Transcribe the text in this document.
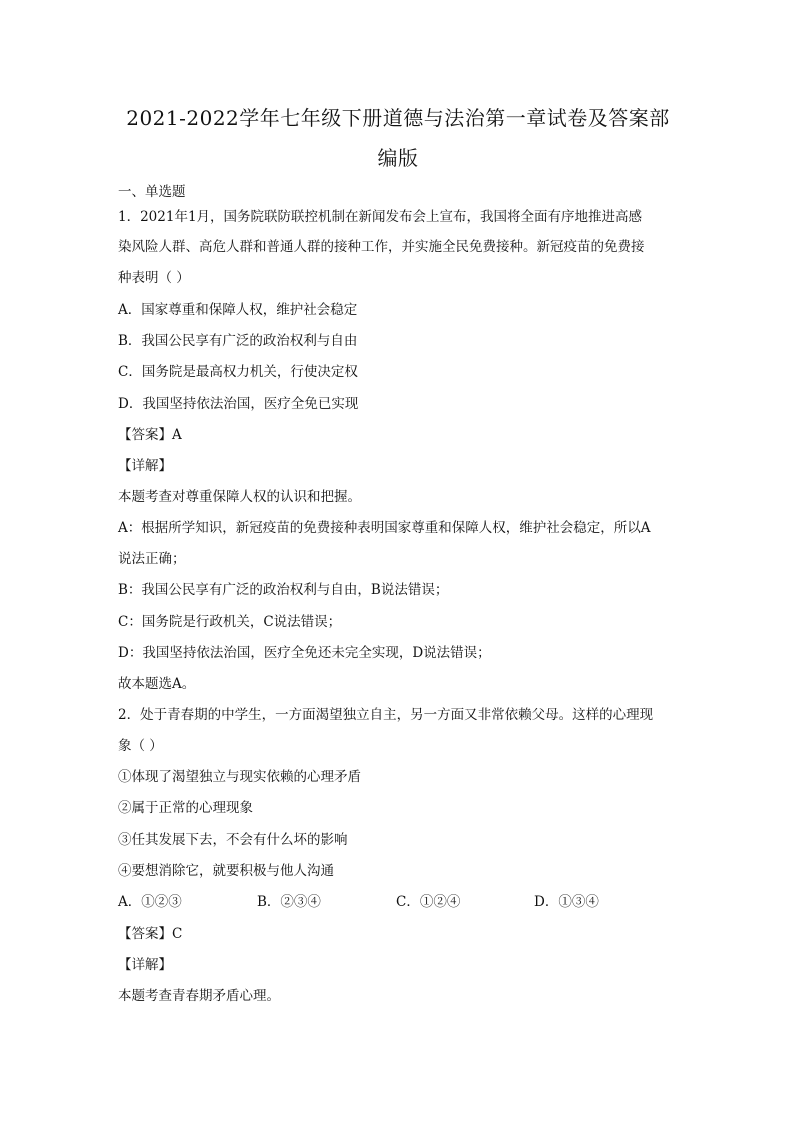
2021-2022学年七年级下册道德与法治第一章试卷及答案部
编版
一、单选题
1．2021年1月，国务院联防联控机制在新闻发布会上宣布，我国将全面有序地推进高感
染风险人群、高危人群和普通人群的接种工作，并实施全民免费接种。新冠疫苗的免费接
种表明（ ）
A．国家尊重和保障人权，维护社会稳定
B．我国公民享有广泛的政治权利与自由
C．国务院是最高权力机关，行使决定权
D．我国坚持依法治国，医疗全免已实现
【答案】A
【详解】
本题考查对尊重保障人权的认识和把握。
A：根据所学知识，新冠疫苗的免费接种表明国家尊重和保障人权，维护社会稳定，所以A
说法正确；
B：我国公民享有广泛的政治权利与自由，B说法错误；
C：国务院是行政机关，C说法错误；
D：我国坚持依法治国，医疗全免还未完全实现，D说法错误；
故本题选A。
2．处于青春期的中学生，一方面渴望独立自主，另一方面又非常依赖父母。这样的心理现
象（ ）
①体现了渴望独立与现实依赖的心理矛盾
②属于正常的心理现象
③任其发展下去，不会有什么坏的影响
④要想消除它，就要积极与他人沟通
A．①②③	B．②③④	C．①②④	D．①③④
【答案】C
【详解】
本题考查青春期矛盾心理。
